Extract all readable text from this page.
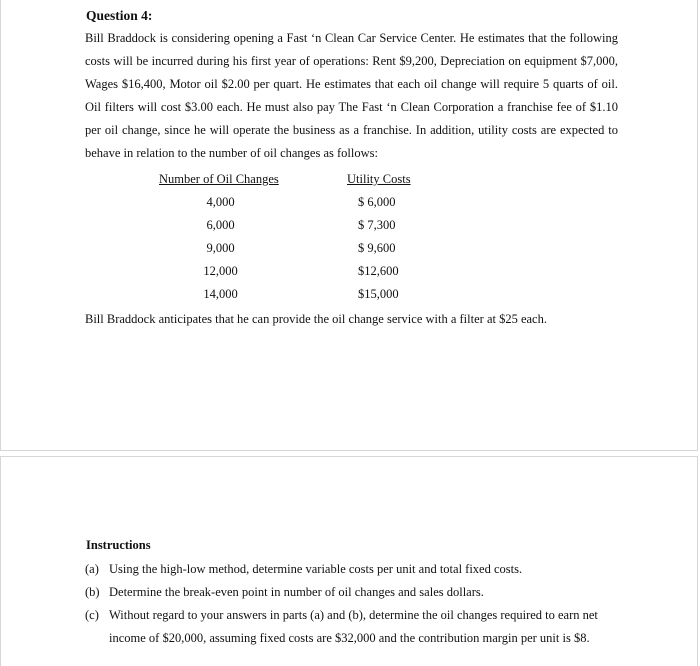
Question 4:
Bill Braddock is considering opening a Fast ‘n Clean Car Service Center. He estimates that the following costs will be incurred during his first year of operations: Rent $9,200, Depreciation on equipment $7,000, Wages $16,400, Motor oil $2.00 per quart. He estimates that each oil change will require 5 quarts of oil. Oil filters will cost $3.00 each. He must also pay The Fast ‘n Clean Corporation a franchise fee of $1.10 per oil change, since he will operate the business as a franchise. In addition, utility costs are expected to behave in relation to the number of oil changes as follows:
Number of Oil Changes	Utility Costs
4,000	$ 6,000
6,000	$ 7,300
9,000	$ 9,600
12,000	$12,600
14,000	$15,000
Bill Braddock anticipates that he can provide the oil change service with a filter at $25 each.
Instructions
(a) Using the high-low method, determine variable costs per unit and total fixed costs.
(b) Determine the break-even point in number of oil changes and sales dollars.
(c) Without regard to your answers in parts (a) and (b), determine the oil changes required to earn net income of $20,000, assuming fixed costs are $32,000 and the contribution margin per unit is $8.
